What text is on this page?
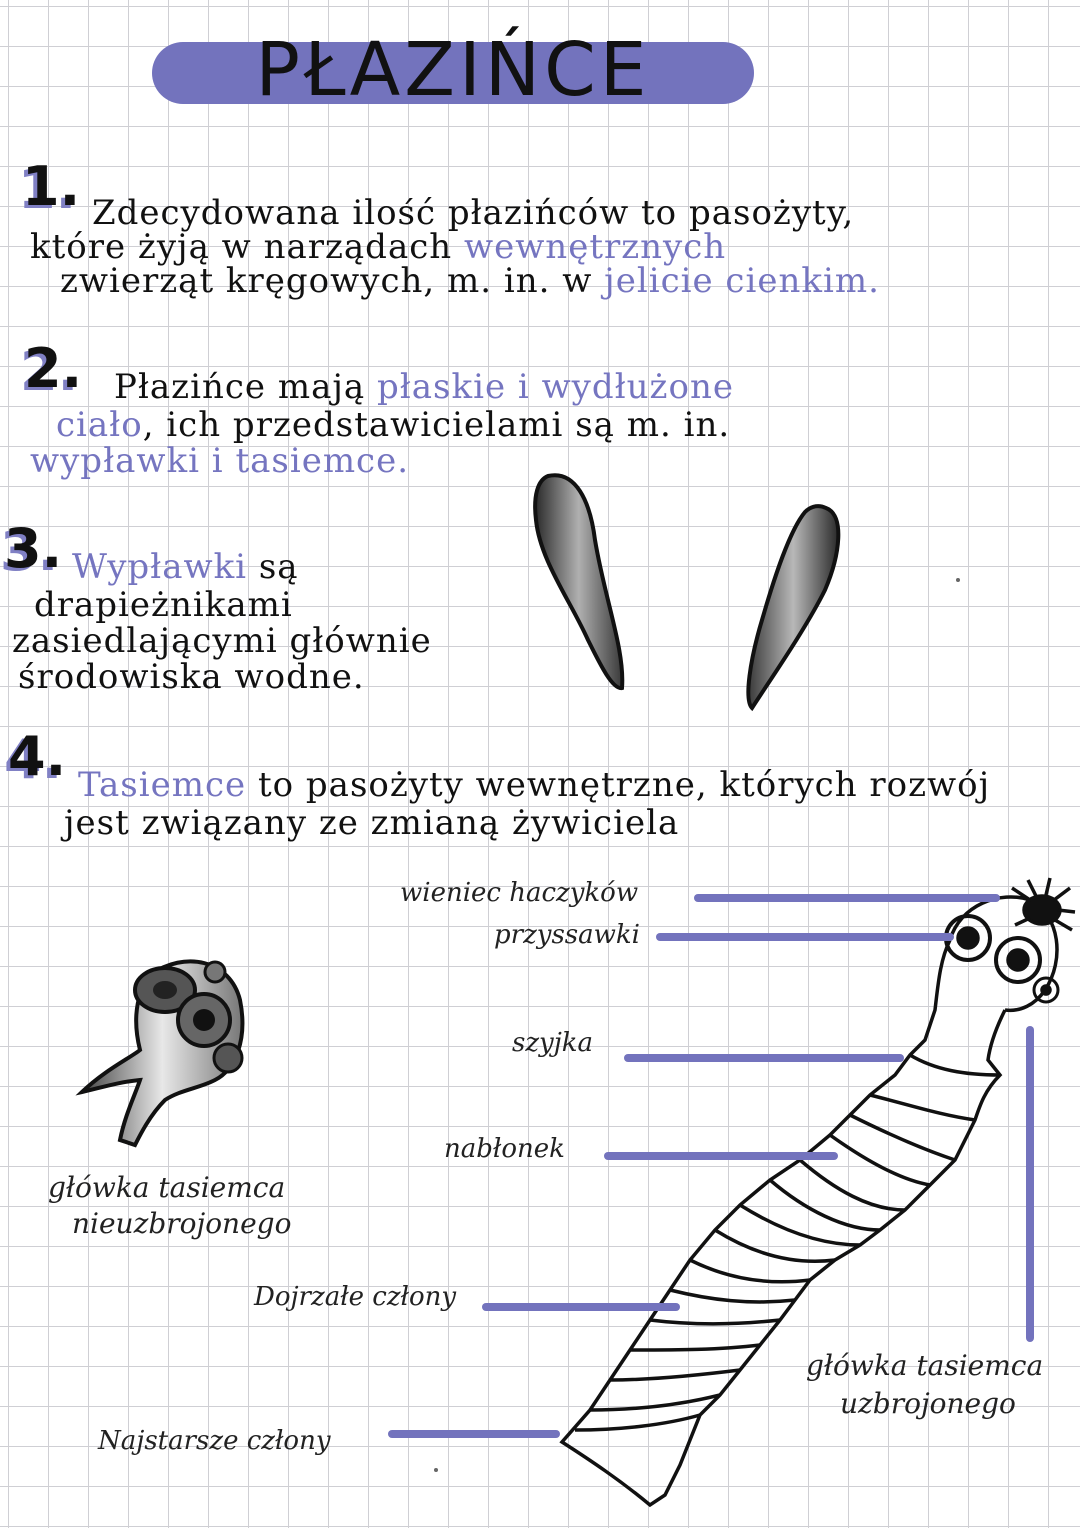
PŁAZIŃCE
1. Zdecydowana ilość płazińców to pasożyty,
które żyją w narządach wewnętrznych
zwierząt kręgowych, m. in. w jelicie cienkim.
2. Płazińce mają płaskie i wydłużone
ciało, ich przedstawicielami są m. in.
wypławki i tasiemce.
3. Wypławki są
drapieżnikami
zasiedlającymi głównie
środowiska wodne.
4. Tasiemce to pasożyty wewnętrzne, których rozwój
jest związany ze zmianą żywiciela
wieniec haczyków
przyssawki
szyjka
nabłonek
Dojrzałe człony
Najstarsze człony
główka tasiemca
nieuzbrojonego
główka tasiemca
uzbrojonego
